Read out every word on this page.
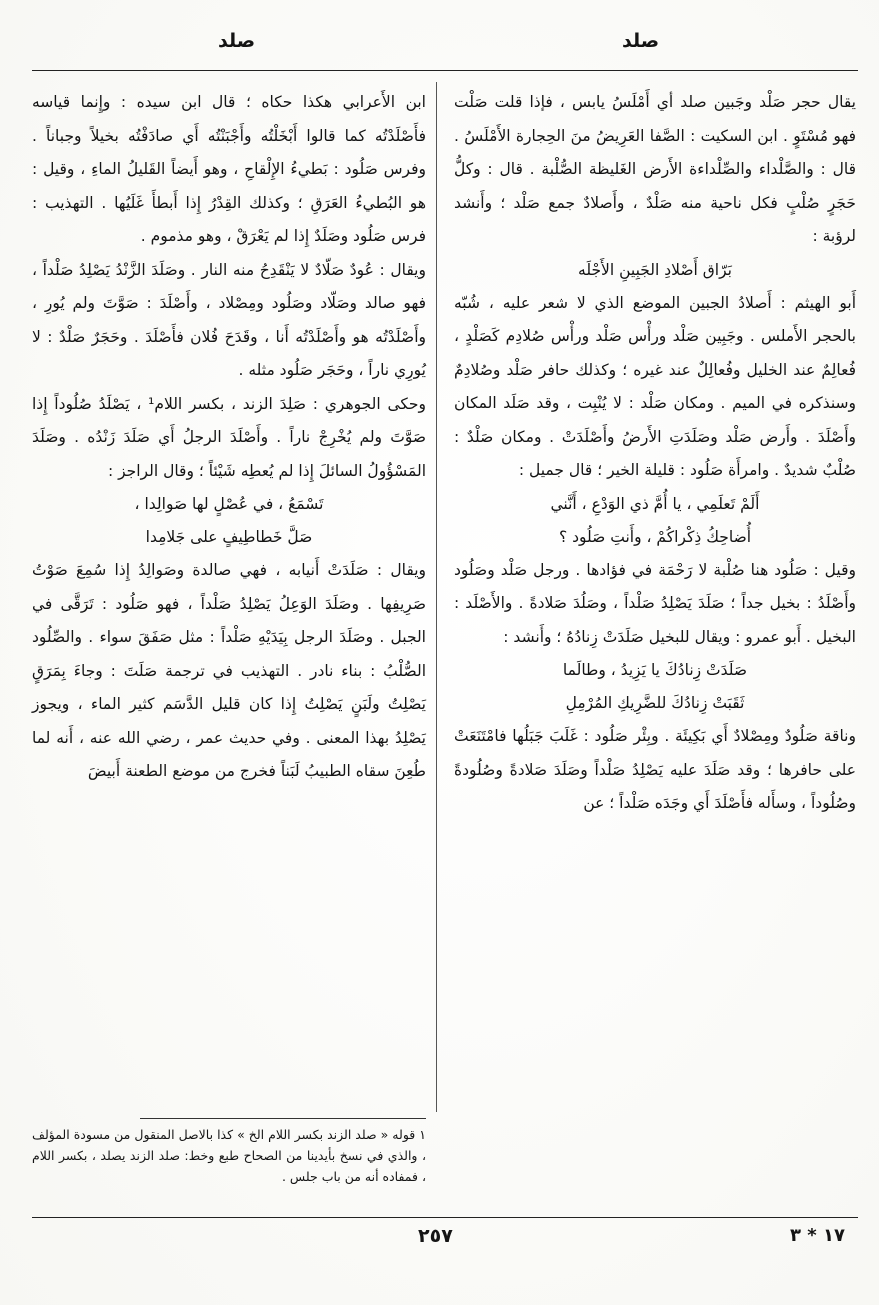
صلد
صلد

يقال حجر صَلْد وجَبين صلد أي أَمْلَسُ يابس ، فإذا قلت صَلْت فهو مُسْتَوٍ . ابن السكيت : الصَّفا العَرِيضُ منَ الحِجارة الأَمْلَسُ . قال : والصَّلْداء والصِّلْداءة الأَرض الغَليظة الصُّلْبة . قال : وكلُّ حَجَرٍ صُلْبٍ فكل ناحية منه صَلْدٌ ، وأَصلادٌ جمع صَلْد ؛ وأَنشد لرؤبة :

بَرّاق أَصْلادِ الجَبِينِ الأَجْلَه

أَبو الهيثم : أَصلادُ الجبين الموضع الذي لا شعر عليه ، شُبّه بالحجر الأَملس . وجَبِين صَلْد ورأْس صَلْد ورأْس صُلادِم كَصَلْدٍ ، فُعالِمٌ عند الخليل وفُعالِلٌ عند غيره ؛ وكذلك حافر صَلْد وصُلادِمٌ وسنذكره في الميم . ومكان صَلْد : لا يُنْبِت ، وقد صَلَد المكان وأَصْلَدَ . وأَرض صَلْد وصَلَدَتِ الأَرضُ وأَصْلَدَتْ . ومكان صَلْدٌ : صُلْبٌ شديدٌ . وامرأَة صَلُود : قليلة الخير ؛ قال جميل :

أَلَمْ تَعلَمِي ، يا أُمَّ ذي الوَدْعِ ، أَنَّني

أُضاحِكُ ذِكْراكُمْ ، وأَنتِ صَلُود ؟

وقيل : صَلُود هنا صُلْبة لا رَحْمَة في فؤادها . ورجل صَلْد وصَلُود وأَصْلَدُ : بخيل جداً ؛ صَلَدَ يَصْلِدُ صَلْداً ، وصَلُدَ صَلادةً . والأَصْلَد : البخيل . أَبو عمرو : ويقال للبخيل صَلَدَتْ زِنادُهُ ؛ وأَنشد :

صَلَدَتْ زِنادُكَ يا يَزِيدُ ، وطالَما

ثَقَبَتْ زِنادُكَ للضَّرِيكِ المُرْمِلِ

وناقة صَلُودٌ ومِصْلادٌ أَي بَكِيئَة . وبِئْر صَلُود : غَلَبَ جَبَلُها فامْتَنَعَتْ على حافرها ؛ وقد صَلَدَ عليه يَصْلِدُ صَلْداً وصَلَدَ صَلادةً وصُلُودةً وصُلُوداً ، وسأَله فأَصْلَدَ أَي وجَدَه صَلْداً ؛ عن

ابن الأَعرابي هكذا حكاه ؛ قال ابن سيده : وإِنما قياسه فأَصْلَدْتُه كما قالوا أَبْخَلْتُه وأَجْبَنْتُه أَي صادَفْتُه بخيلاً وجباناً . وفرس صَلُود : بَطيءُ الإِلْقاحِ ، وهو أَيضاً القَليلُ الماءِ ، وقيل : هو البُطيءُ العَرَقِ ؛ وكذلك القِدْرُ إِذا أَبطأَ غَلَيُها . التهذيب : فرس صَلُود وصَلَدٌ إِذا لم يَعْرَقْ ، وهو مذموم .

ويقال : عُودٌ صَلّادٌ لا يَنْقَدِحُ منه النار . وصَلَدَ الزَّنْدُ يَصْلِدُ صَلْداً ، فهو صالد وصَلّاد وصَلُود ومِصْلاد ، وأَصْلَدَ : صَوَّتَ ولم يُورِ ، وأَصْلَدْتُه هو وأَصْلَدْتُه أَنا ، وقَدَحَ فُلان فأَصْلَدَ . وحَجَرٌ صَلْدٌ : لا يُورِي ناراً ، وحَجَر صَلُود مثله .

وحكى الجوهري : صَلِدَ الزند ، بكسر اللام¹ ، يَصْلَدُ صُلُوداً إِذا صَوَّتَ ولم يُخْرِجْ ناراً . وأَصْلَدَ الرجلُ أَي صَلَدَ زَنْدُه . وصَلَدَ المَسْؤُولُ السائلَ إِذا لم يُعطِه شَيْئاً ؛ وقال الراجز :

تَسْمَعُ ، في عُصْلٍ لها صَوالِدا ،

صَلَّ خَطاطِيفٍ على جَلامِدا

ويقال : صَلَدَتْ أَنيابه ، فهي صالدة وصَوالِدُ إِذا سُمِعَ صَوْتُ صَرِيفِها . وصَلَدَ الوَعِلُ يَصْلِدُ صَلْداً ، فهو صَلُود : تَرَقَّى في الجبل . وصَلَدَ الرجل بِيَدَيْهِ صَلْداً : مثل صَفَقَ سواء . والصِّلُود الصُّلْبُ : بناء نادر . التهذيب في ترجمة صَلَتَ : وجاءَ بِمَرَقٍ يَصْلِتُ ولَبَنٍ يَصْلِتُ إِذا كان قليل الدَّسَم كثير الماء ، ويجوز يَصْلِدُ بهذا المعنى . وفي حديث عمر ، رضي الله عنه ، أَنه لما طُعِنَ سقاه الطبيبُ لَبَناً فخرج من موضع الطعنة أَبيضَ

١ قوله « صلد الزند بكسر اللام الخ » كذا بالاصل المنقول من مسودة المؤلف ، والذي في نسخ بأيدينا من الصحاح طبع وخط: صلد الزند يصلد ، بكسر اللام ، فمفاده أنه من باب جلس .
٢٥٧	١٧ * ٣
